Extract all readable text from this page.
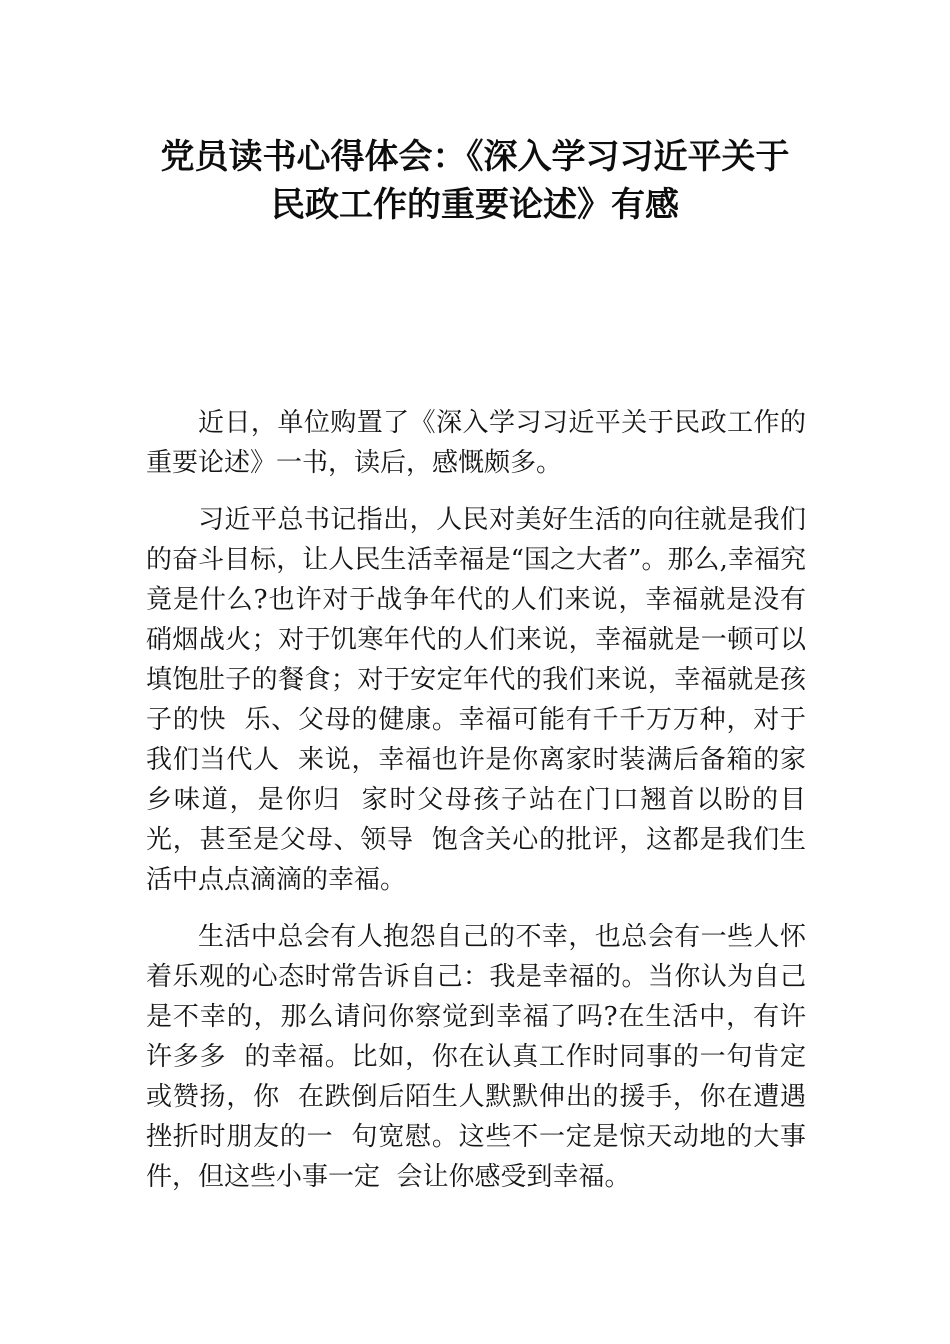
党员读书心得体会：《深入学习习近平关于
民政工作的重要论述》有感

近日，单位购置了《深入学习习近平关于民政工作的重要论述》一书，读后，感慨颇多。

习近平总书记指出，人民对美好生活的向往就是我们的奋斗目标，让人民生活幸福是“国之大者”。那么,幸福究竟是什么?也许对于战争年代的人们来说，幸福就是没有硝烟战火；对于饥寒年代的人们来说，幸福就是一顿可以填饱肚子的餐食；对于安定年代的我们来说，幸福就是孩子的快  乐、父母的健康。幸福可能有千千万万种，对于我们当代人  来说，幸福也许是你离家时装满后备箱的家乡味道，是你归  家时父母孩子站在门口翘首以盼的目光，甚至是父母、领导  饱含关心的批评，这都是我们生活中点点滴滴的幸福。

生活中总会有人抱怨自己的不幸，也总会有一些人怀着乐观的心态时常告诉自己：我是幸福的。当你认为自己是不幸的，那么请问你察觉到幸福了吗?在生活中，有许许多多  的幸福。比如，你在认真工作时同事的一句肯定或赞扬，你  在跌倒后陌生人默默伸出的援手，你在遭遇挫折时朋友的一  句宽慰。这些不一定是惊天动地的大事件，但这些小事一定  会让你感受到幸福。
